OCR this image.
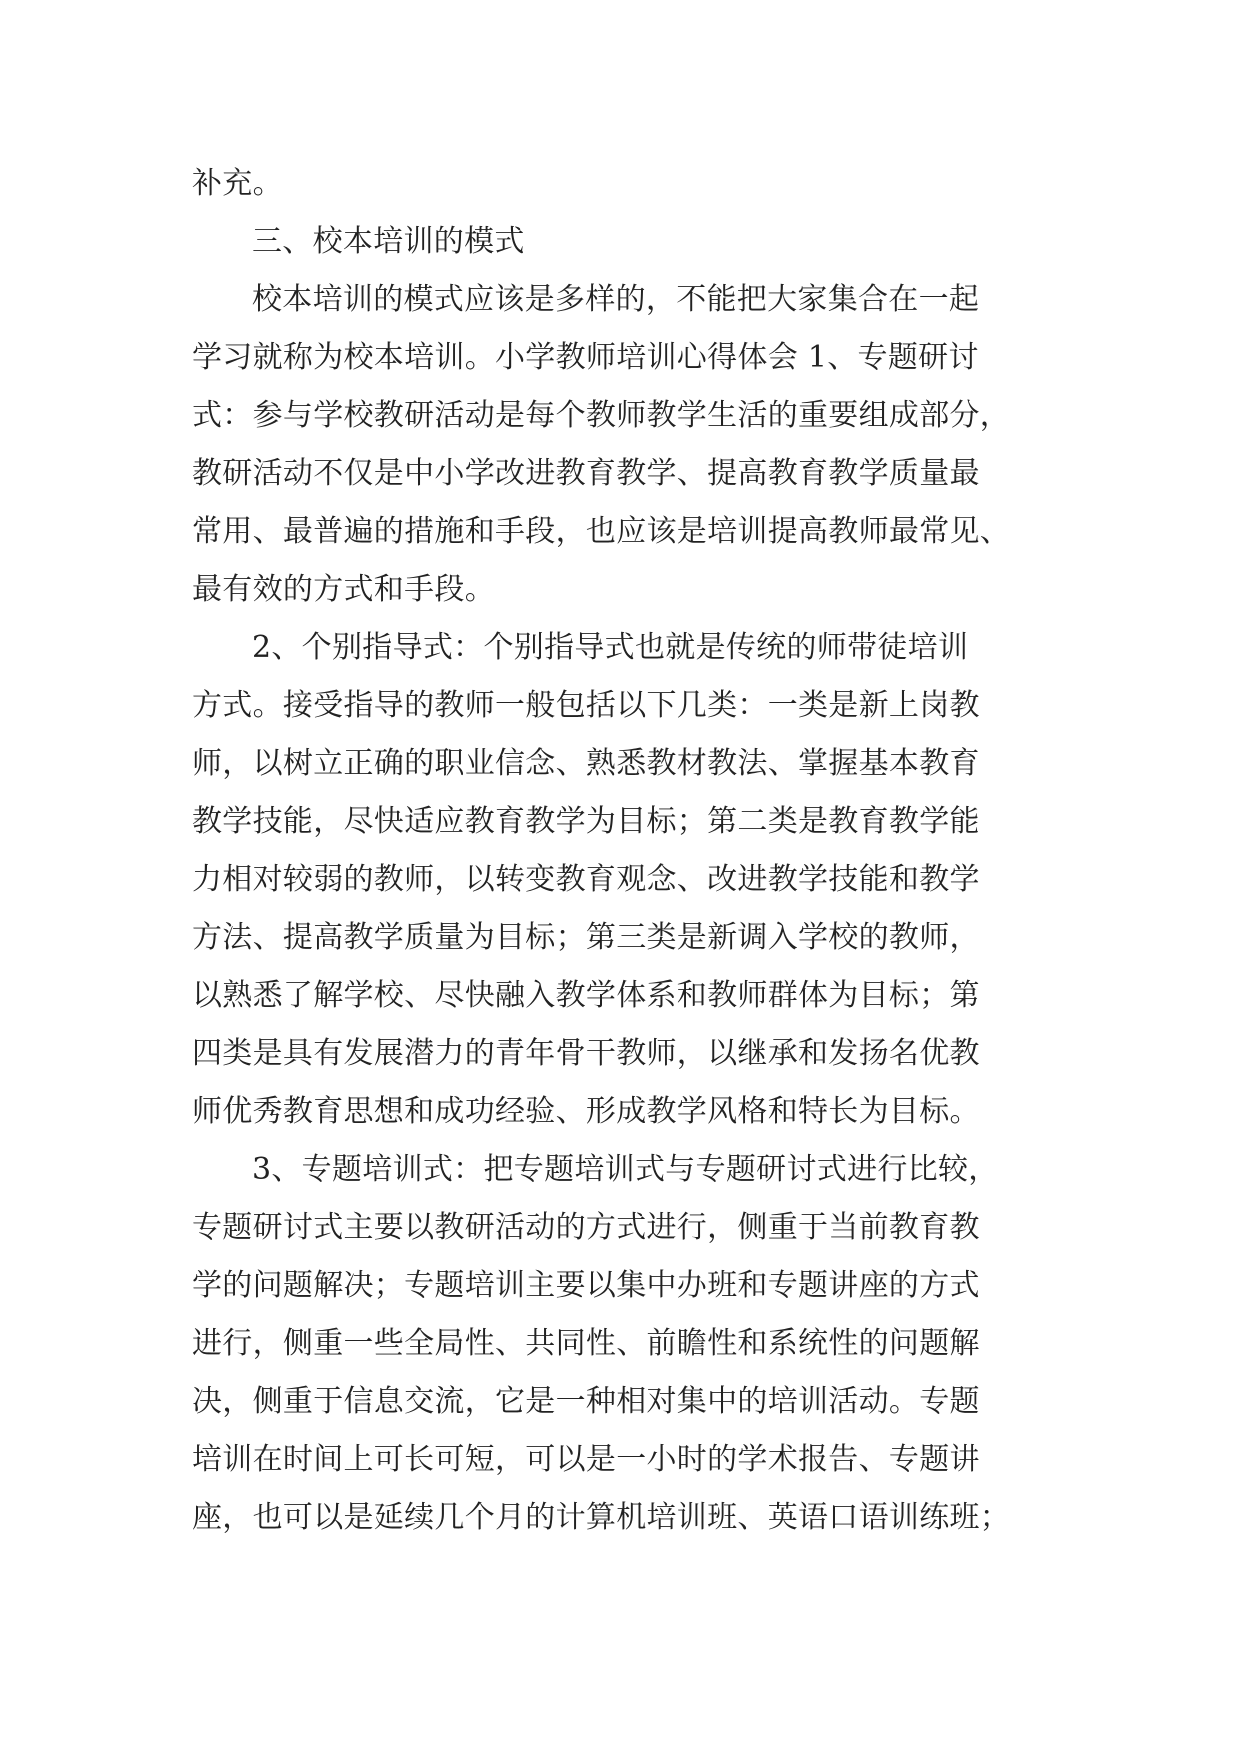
补充。
三、校本培训的模式
校本培训的模式应该是多样的，不能把大家集合在一起
学习就称为校本培训。小学教师培训心得体会 1、专题研讨
式：参与学校教研活动是每个教师教学生活的重要组成部分，
教研活动不仅是中小学改进教育教学、提高教育教学质量最
常用、最普遍的措施和手段，也应该是培训提高教师最常见、
最有效的方式和手段。
2、个别指导式：个别指导式也就是传统的师带徒培训
方式。接受指导的教师一般包括以下几类：一类是新上岗教
师，以树立正确的职业信念、熟悉教材教法、掌握基本教育
教学技能，尽快适应教育教学为目标；第二类是教育教学能
力相对较弱的教师，以转变教育观念、改进教学技能和教学
方法、提高教学质量为目标；第三类是新调入学校的教师，
以熟悉了解学校、尽快融入教学体系和教师群体为目标；第
四类是具有发展潜力的青年骨干教师，以继承和发扬名优教
师优秀教育思想和成功经验、形成教学风格和特长为目标。
3、专题培训式：把专题培训式与专题研讨式进行比较，
专题研讨式主要以教研活动的方式进行，侧重于当前教育教
学的问题解决；专题培训主要以集中办班和专题讲座的方式
进行，侧重一些全局性、共同性、前瞻性和系统性的问题解
决，侧重于信息交流，它是一种相对集中的培训活动。专题
培训在时间上可长可短，可以是一小时的学术报告、专题讲
座，也可以是延续几个月的计算机培训班、英语口语训练班；
